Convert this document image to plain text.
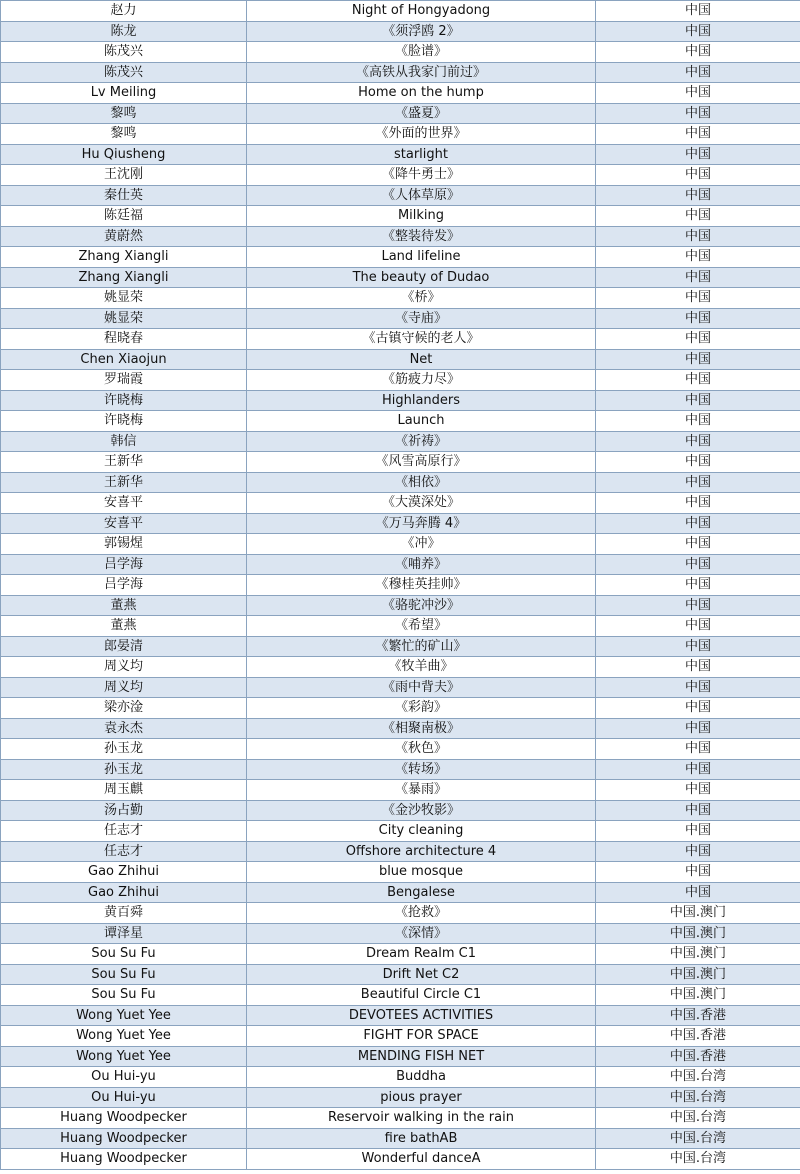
赵力	Night of Hongyadong	中国
陈龙	《须浮鸥 2》	中国
陈茂兴	《脸谱》	中国
陈茂兴	《高铁从我家门前过》	中国
Lv Meiling	Home on the hump	中国
黎鸣	《盛夏》	中国
黎鸣	《外面的世界》	中国
Hu Qiusheng	starlight	中国
王沈刚	《降牛勇士》	中国
秦仕英	《人体草原》	中国
陈廷福	Milking	中国
黄蔚然	《整装待发》	中国
Zhang Xiangli	Land lifeline	中国
Zhang Xiangli	The beauty of Dudao	中国
姚显荣	《桥》	中国
姚显荣	《寺庙》	中国
程晓春	《古镇守候的老人》	中国
Chen Xiaojun	Net	中国
罗瑞霞	《筋疲力尽》	中国
许晓梅	Highlanders	中国
许晓梅	Launch	中国
韩信	《祈祷》	中国
王新华	《风雪高原行》	中国
王新华	《相依》	中国
安喜平	《大漠深处》	中国
安喜平	《万马奔腾 4》	中国
郭锡煋	《冲》	中国
吕学海	《哺养》	中国
吕学海	《穆桂英挂帅》	中国
董燕	《骆驼冲沙》	中国
董燕	《希望》	中国
郎晏清	《繁忙的矿山》	中国
周义均	《牧羊曲》	中国
周义均	《雨中背夫》	中国
梁亦淦	《彩韵》	中国
袁永杰	《相聚南极》	中国
孙玉龙	《秋色》	中国
孙玉龙	《转场》	中国
周玉麒	《暴雨》	中国
汤占勤	《金沙牧影》	中国
任志才	City cleaning	中国
任志才	Offshore architecture 4	中国
Gao Zhihui	blue mosque	中国
Gao Zhihui	Bengalese	中国
黄百舜	《抢救》	中国.澳门
谭泽星	《深情》	中国.澳门
Sou Su Fu	Dream Realm C1	中国.澳门
Sou Su Fu	Drift Net C2	中国.澳门
Sou Su Fu	Beautiful Circle C1	中国.澳门
Wong Yuet Yee	DEVOTEES ACTIVITIES	中国.香港
Wong Yuet Yee	FIGHT FOR SPACE	中国.香港
Wong Yuet Yee	MENDING FISH NET	中国.香港
Ou Hui-yu	Buddha	中国.台湾
Ou Hui-yu	pious prayer	中国.台湾
Huang Woodpecker	Reservoir walking in the rain	中国.台湾
Huang Woodpecker	fire bathAB	中国.台湾
Huang Woodpecker	Wonderful danceA	中国.台湾
